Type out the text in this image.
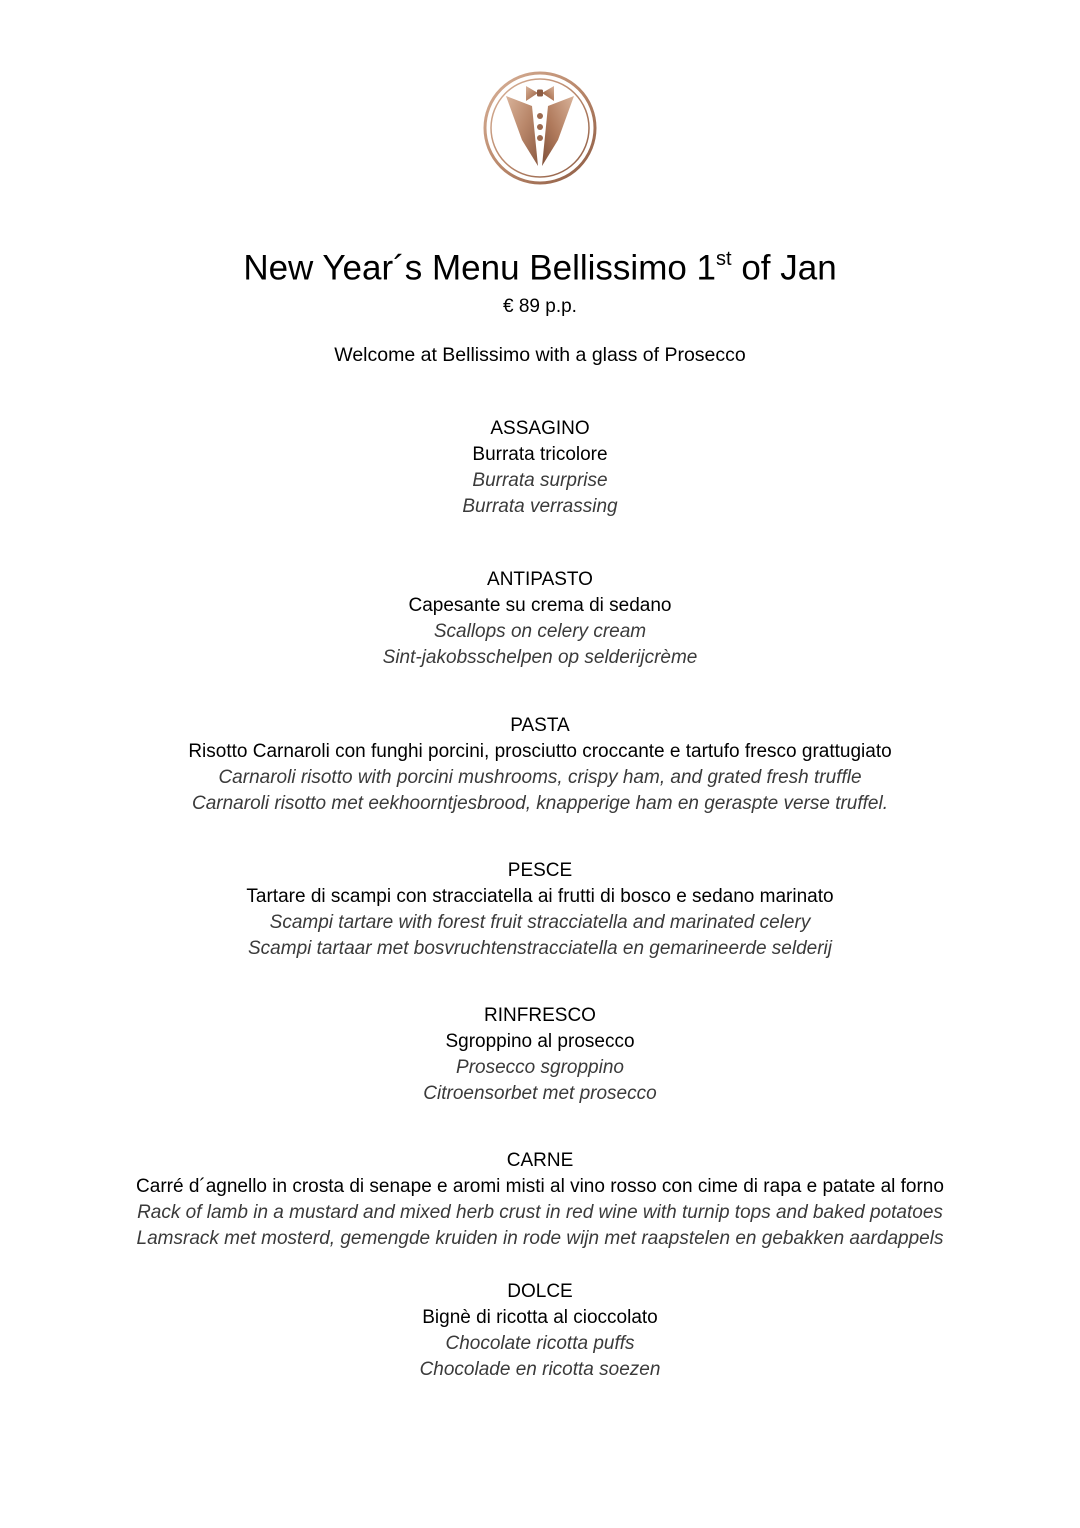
New Year´s Menu Bellissimo 1st of Jan
€ 89 p.p.
Welcome at Bellissimo with a glass of Prosecco
ASSAGINO
Burrata tricolore
Burrata surprise
Burrata verrassing
ANTIPASTO
Capesante su crema di sedano
Scallops on celery cream
Sint-jakobsschelpen op selderijcrème
PASTA
Risotto Carnaroli con funghi porcini, prosciutto croccante e tartufo fresco grattugiato
Carnaroli risotto with porcini mushrooms, crispy ham, and grated fresh truffle
Carnaroli risotto met eekhoorntjesbrood, knapperige ham en geraspte verse truffel.
PESCE
Tartare di scampi con stracciatella ai frutti di bosco e sedano marinato
Scampi tartare with forest fruit stracciatella and marinated celery
Scampi tartaar met bosvruchtenstracciatella en gemarineerde selderij
RINFRESCO
Sgroppino al prosecco
Prosecco sgroppino
Citroensorbet met prosecco
CARNE
Carré d´agnello in crosta di senape e aromi misti al vino rosso con cime di rapa e patate al forno
Rack of lamb in a mustard and mixed herb crust in red wine with turnip tops and baked potatoes
Lamsrack met mosterd, gemengde kruiden in rode wijn met raapstelen en gebakken aardappels
DOLCE
Bignè di ricotta al cioccolato
Chocolate ricotta puffs
Chocolade en ricotta soezen
